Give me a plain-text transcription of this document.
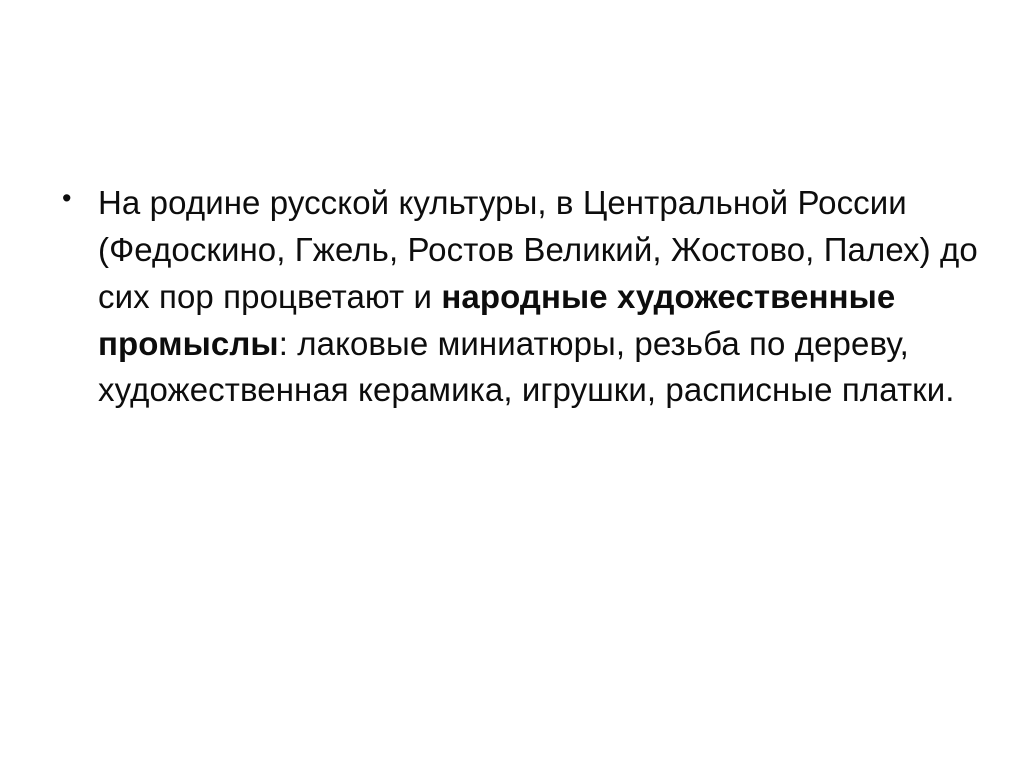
• На родине русской культуры, в Центральной России (Федоскино, Гжель, Ростов Великий, Жостово, Палех) до сих пор процветают и народные художественные промыслы: лаковые миниатюры, резьба по дереву, художественная керамика, игрушки, расписные платки.
